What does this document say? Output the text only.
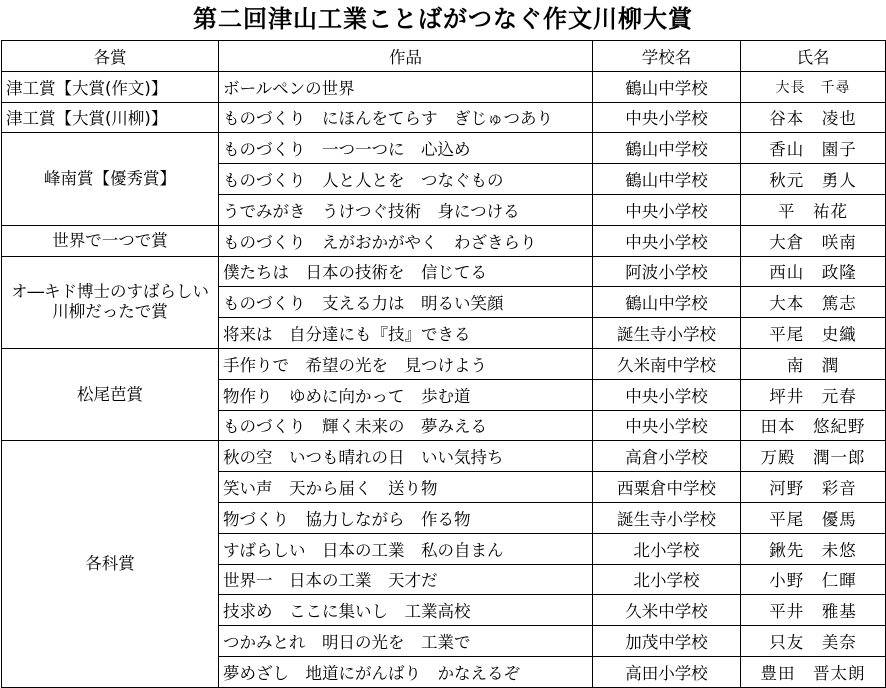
第二回津山工業ことばがつなぐ作文川柳大賞
各賞	作品	学校名	氏名
津工賞【大賞(作文)】	ボールペンの世界	鶴山中学校	大長　千尋
津工賞【大賞(川柳)】	ものづくり　にほんをてらす　ぎじゅつあり	中央小学校	谷本　凌也
峰南賞【優秀賞】	ものづくり　一つ一つに　心込め	鶴山中学校	香山　園子
	ものづくり　人と人とを　つなぐもの	鶴山中学校	秋元　勇人
	うでみがき　うけつぐ技術　身につける	中央小学校	平　祐花
世界で一つで賞	ものづくり　えがおかがやく　わざきらり	中央小学校	大倉　咲南
オ―キド博士のすばらしい川柳だったで賞	僕たちは　日本の技術を　信じてる	阿波小学校	西山　政隆
	ものづくり　支える力は　明るい笑顔	鶴山中学校	大本　篤志
	将来は　自分達にも『技』できる	誕生寺小学校	平尾　史織
松尾芭賞	手作りで　希望の光を　見つけよう	久米南中学校	南　潤
	物作り　ゆめに向かって　歩む道	中央小学校	坪井　元春
	ものづくり　輝く未来の　夢みえる	中央小学校	田本　悠紀野
各科賞	秋の空　いつも晴れの日　いい気持ち	高倉小学校	万殿　潤一郎
	笑い声　天から届く　送り物	西粟倉中学校	河野　彩音
	物づくり　協力しながら　作る物	誕生寺小学校	平尾　優馬
	すばらしい　日本の工業　私の自まん	北小学校	鍬先　未悠
	世界一　日本の工業　天才だ	北小学校	小野　仁暉
	技求め　ここに集いし　工業高校	久米中学校	平井　雅基
	つかみとれ　明日の光を　工業で	加茂中学校	只友　美奈
	夢めざし　地道にがんばり　かなえるぞ	高田小学校	豊田　晋太朗
